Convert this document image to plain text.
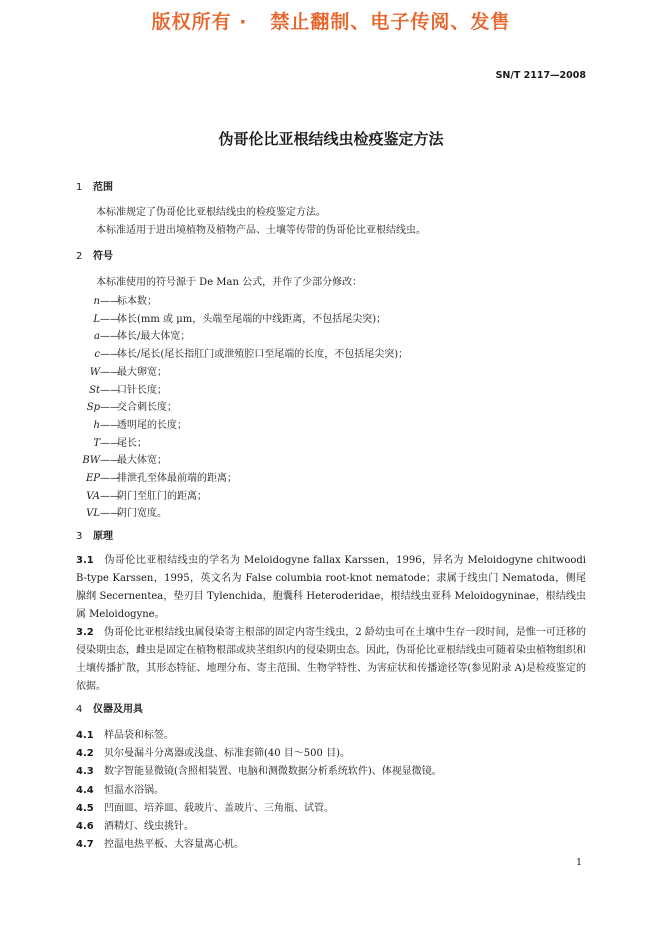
版权所有 ·   禁止翻制、电子传阅、发售
SN/T 2117—2008
伪哥伦比亚根结线虫检疫鉴定方法
1 范围
本标准规定了伪哥伦比亚根结线虫的检疫鉴定方法。
本标准适用于进出境植物及植物产品、土壤等传带的伪哥伦比亚根结线虫。
2 符号
本标准使用的符号源于 De Man 公式，并作了少部分修改：
n——标本数；
L——体长(mm 或 μm，头端至尾端的中线距离，不包括尾尖突)；
a——体长/最大体宽；
c——体长/尾长(尾长指肛门或泄殖腔口至尾端的长度，不包括尾尖突)；
W——最大卵宽；
St——口针长度；
Sp——交合刺长度；
h——透明尾的长度；
T——尾长；
BW——最大体宽；
EP——排泄孔至体最前端的距离；
VA——阴门至肛门的距离；
VL——阴门宽度。
3 原理
3.1 伪哥伦比亚根结线虫的学名为 Meloidogyne fallax Karssen，1996，异名为 Meloidogyne chitwoodi B-type Karssen，1995，英文名为 False columbia root-knot nematode；隶属于线虫门 Nematoda，侧尾腺纲 Secernentea，垫刃目 Tylenchida，胞囊科 Heteroderidae，根结线虫亚科 Meloidogyninae，根结线虫属 Meloidogyne。
3.2 伪哥伦比亚根结线虫属侵染寄主根部的固定内寄生线虫，2 龄幼虫可在土壤中生存一段时间，是惟一可迁移的侵染期虫态，雌虫是固定在植物根部或块茎组织内的侵染期虫态。因此，伪哥伦比亚根结线虫可随着染虫植物组织和土壤传播扩散，其形态特征、地理分布、寄主范围、生物学特性、为害症状和传播途径等(参见附录 A)是检疫鉴定的依据。
4 仪器及用具
4.1 样品袋和标签。
4.2 贝尔曼漏斗分离器或浅盘、标准套筛(40 目～500 目)。
4.3 数字智能显微镜(含照相装置、电脑和测微数据分析系统软件)、体视显微镜。
4.4 恒温水浴锅。
4.5 凹面皿、培养皿、载玻片、盖玻片、三角瓶、试管。
4.6 酒精灯、线虫挑针。
4.7 控温电热平板、大容量离心机。
1
